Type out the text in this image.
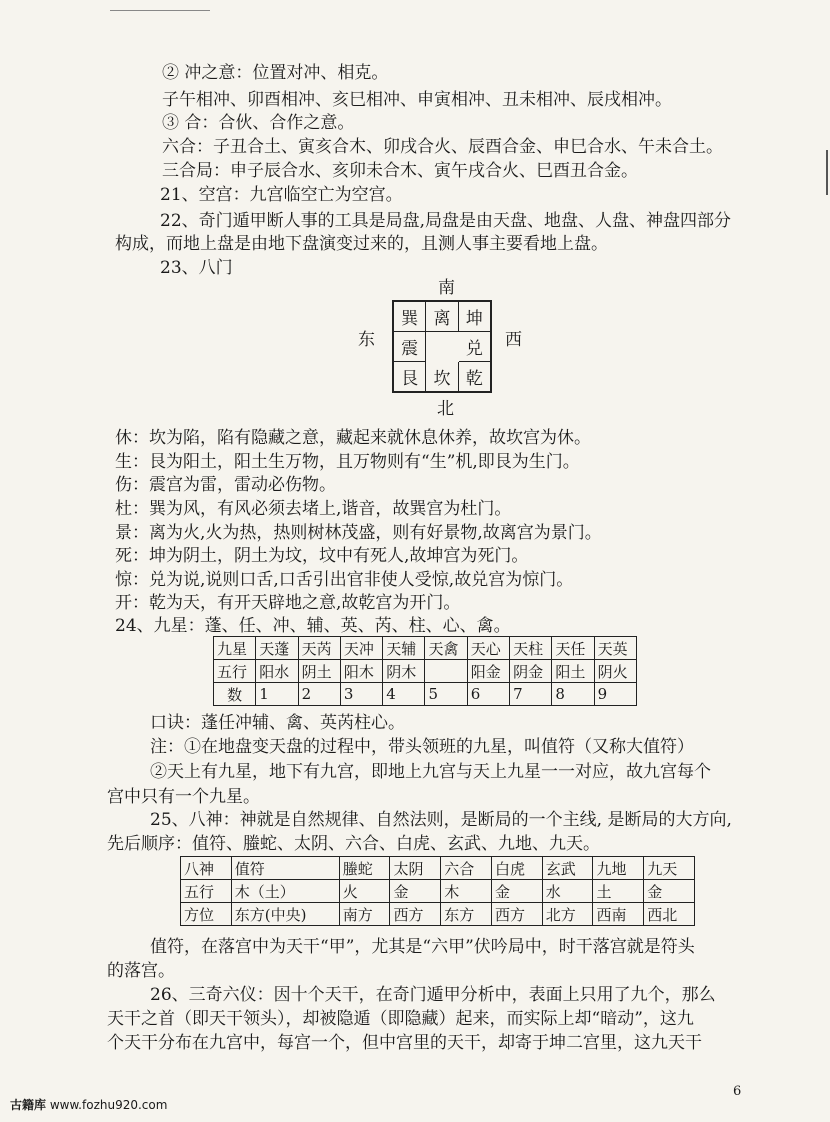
② 冲之意：位置对冲、相克。
子午相冲、卯酉相冲、亥巳相冲、申寅相冲、丑未相冲、辰戌相冲。
③ 合：合伙、合作之意。
六合：子丑合土、寅亥合木、卯戌合火、辰酉合金、申巳合水、午未合土。
三合局：申子辰合水、亥卯未合木、寅午戌合火、巳酉丑合金。
21、空宫：九宫临空亡为空宫。
22、奇门遁甲断人事的工具是局盘,局盘是由天盘、地盘、人盘、神盘四部分
构成，而地上盘是由地下盘演变过来的，且测人事主要看地上盘。
23、八门
南
东	西
北
巽	离	坤
震		兑
艮	坎	乾
休：坎为陷，陷有隐藏之意，藏起来就休息休养，故坎宫为休。
生：艮为阳土，阳土生万物，且万物则有“生”机,即艮为生门。
伤：震宫为雷，雷动必伤物。
杜：巽为风，有风必须去堵上,谐音，故巽宫为杜门。
景：离为火,火为热，热则树林茂盛，则有好景物,故离宫为景门。
死：坤为阴土，阴土为坟，坟中有死人,故坤宫为死门。
惊：兑为说,说则口舌,口舌引出官非使人受惊,故兑宫为惊门。
开：乾为天，有开天辟地之意,故乾宫为开门。
24、九星：蓬、任、冲、辅、英、芮、柱、心、禽。
九星	天蓬	天芮	天冲	天辅	天禽	天心	天柱	天任	天英
五行	阳水	阴土	阳木	阴木		阳金	阴金	阳土	阴火
数	1	2	3	4	5	6	7	8	9
口诀：蓬任冲辅、禽、英芮柱心。
注：①在地盘变天盘的过程中，带头领班的九星，叫值符（又称大值符）
②天上有九星，地下有九宫，即地上九宫与天上九星一一对应，故九宫每个
宫中只有一个九星。
25、八神：神就是自然规律、自然法则，是断局的一个主线, 是断局的大方向,
先后顺序：值符、螣蛇、太阴、六合、白虎、玄武、九地、九天。
八神	值符	螣蛇	太阴	六合	白虎	玄武	九地	九天
五行	木（土）	火	金	木	金	水	土	金
方位	东方(中央)	南方	西方	东方	西方	北方	西南	西北
值符，在落宫中为天干“甲”，尤其是“六甲”伏吟局中，时干落宫就是符头
的落宫。
26、三奇六仪：因十个天干，在奇门遁甲分析中，表面上只用了九个，那么
天干之首（即天干领头），却被隐遁（即隐藏）起来，而实际上却“暗动”，这九
个天干分布在九宫中，每宫一个，但中宫里的天干，却寄于坤二宫里，这九天干
古籍库 www.fozhu920.com
6
